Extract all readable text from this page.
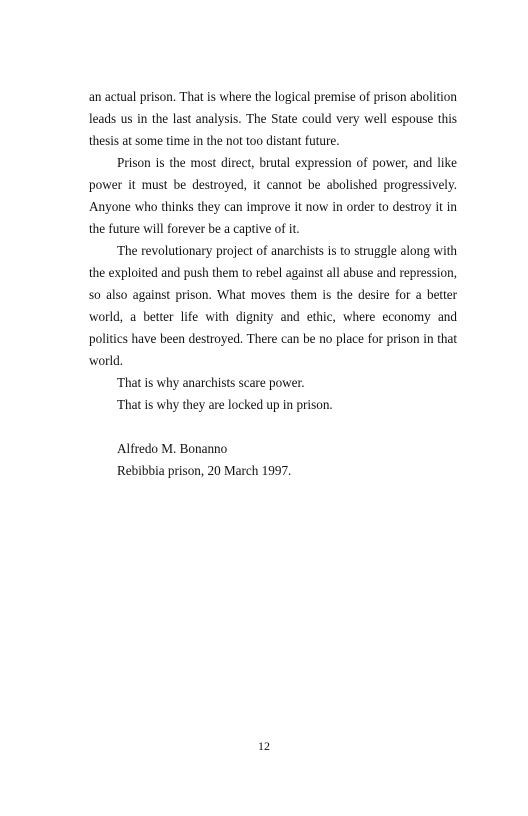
an actual prison. That is where the logical premise of prison abolition leads us in the last analysis. The State could very well espouse this thesis at some time in the not too distant future.

Prison is the most direct, brutal expression of power, and like power it must be destroyed, it cannot be abolished progressively. Anyone who thinks they can improve it now in order to destroy it in the future will forever be a captive of it.

The revolutionary project of anarchists is to struggle along with the exploited and push them to rebel against all abuse and repression, so also against prison. What moves them is the desire for a better world, a better life with dignity and ethic, where economy and politics have been destroyed. There can be no place for prison in that world.

That is why anarchists scare power.

That is why they are locked up in prison.

Alfredo M. Bonanno

Rebibbia prison, 20 March 1997.

12
